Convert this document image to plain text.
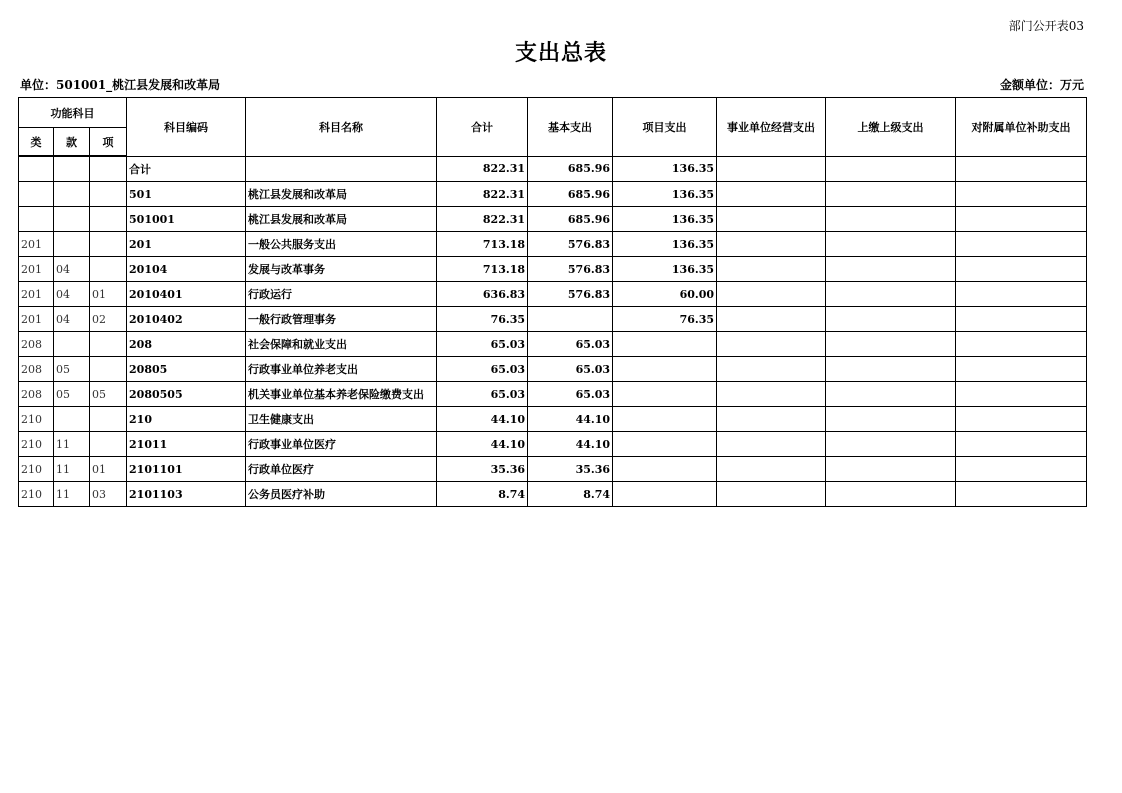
部门公开表03
支出总表
单位：501001_桃江县发展和改革局	金额单位：万元
功能科目			科目编码	科目名称	合计	基本支出	项目支出	事业单位经营支出	上缴上级支出	对附属单位补助支出
类	款	项								
			合计		822.31	685.96	136.35			
			501	桃江县发展和改革局	822.31	685.96	136.35			
			501001	桃江县发展和改革局	822.31	685.96	136.35			
201			201	一般公共服务支出	713.18	576.83	136.35			
201	04		20104	发展与改革事务	713.18	576.83	136.35			
201	04	01	2010401	行政运行	636.83	576.83	60.00			
201	04	02	2010402	一般行政管理事务	76.35		76.35			
208			208	社会保障和就业支出	65.03	65.03				
208	05		20805	行政事业单位养老支出	65.03	65.03				
208	05	05	2080505	机关事业单位基本养老保险缴费支出	65.03	65.03				
210			210	卫生健康支出	44.10	44.10				
210	11		21011	行政事业单位医疗	44.10	44.10				
210	11	01	2101101	行政单位医疗	35.36	35.36				
210	11	03	2101103	公务员医疗补助	8.74	8.74				
